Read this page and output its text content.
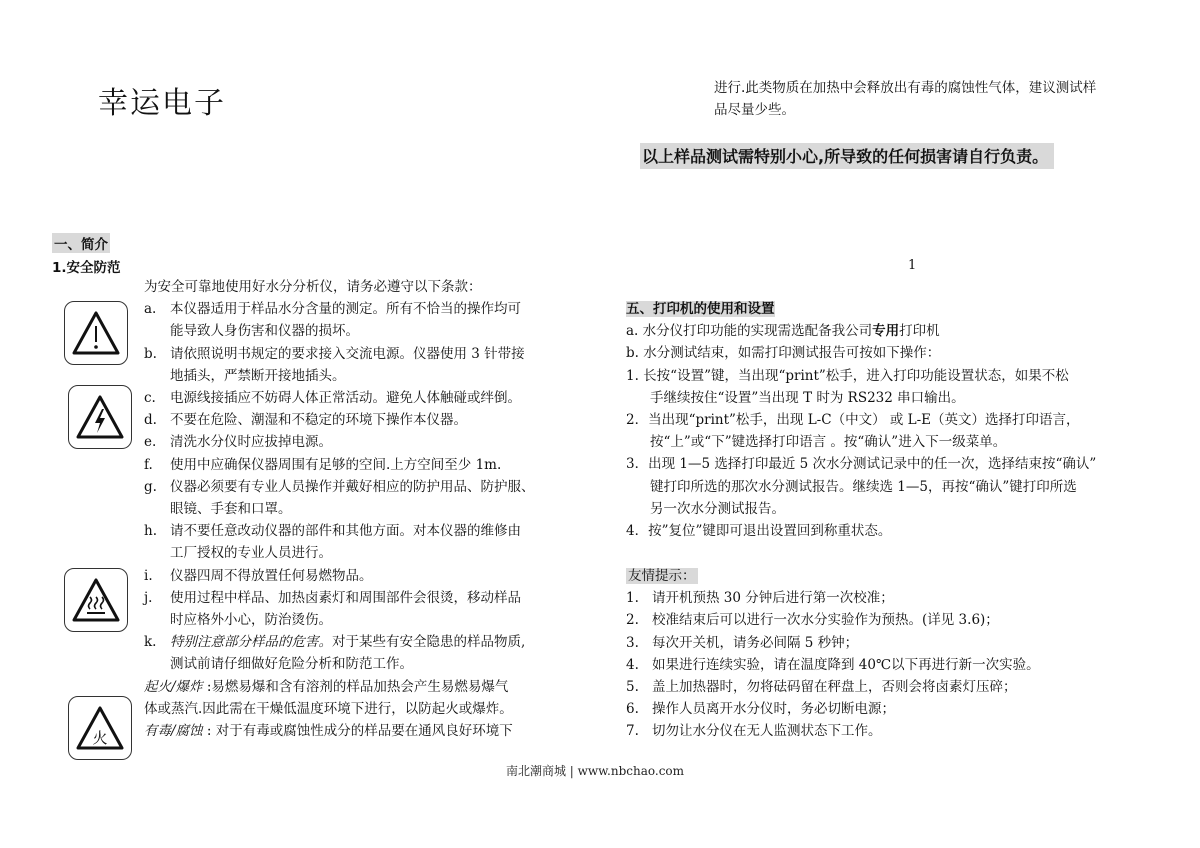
幸运电子	进行.此类物质在加热中会释放出有毒的腐蚀性气体，建议测试样
品尽量少些。
以上样品测试需特别小心,所导致的任何损害请自行负责。
一、简介
1.安全防范
火
为安全可靠地使用好水分分析仪，请务必遵守以下条款：
a. 本仪器适用于样品水分含量的测定。所有不恰当的操作均可
能导致人身伤害和仪器的损坏。
b. 请依照说明书规定的要求接入交流电源。仪器使用 3 针带接
地插头，严禁断开接地插头。
c. 电源线接插应不妨碍人体正常活动。避免人体触碰或绊倒。
d. 不要在危险、潮湿和不稳定的环境下操作本仪器。
e. 清洗水分仪时应拔掉电源。
f. 使用中应确保仪器周围有足够的空间.上方空间至少 1m.
g. 仪器必须要有专业人员操作并戴好相应的防护用品、防护服、
眼镜、手套和口罩。
h. 请不要任意改动仪器的部件和其他方面。对本仪器的维修由
工厂授权的专业人员进行。
i. 仪器四周不得放置任何易燃物品。
j. 使用过程中样品、加热卤素灯和周围部件会很烫，移动样品
时应格外小心，防治烫伤。
k. 特别注意部分样品的危害。对于某些有安全隐患的样品物质,
测试前请仔细做好危险分析和防范工作。
起火/爆炸 :易燃易爆和含有溶剂的样品加热会产生易燃易爆气
体或蒸汽.因此需在干燥低温度环境下进行，以防起火或爆炸。
有毒/腐蚀 : 对于有毒或腐蚀性成分的样品要在通风良好环境下
1
五、打印机的使用和设置
a. 水分仪打印功能的实现需选配备我公司专用打印机
b. 水分测试结束，如需打印测试报告可按如下操作：
1. 长按“设置”键，当出现“print”松手，进入打印功能设置状态，如果不松
手继续按住“设置”当出现 T 时为 RS232 串口输出。
2．当出现“print”松手，出现 L-C（中文） 或 L-E（英文）选择打印语言，
按“上”或“下”键选择打印语言 。按“确认”进入下一级菜单。
3．出现 1—5 选择打印最近 5 次水分测试记录中的任一次，选择结束按“确认”
键打印所选的那次水分测试报告。继续选 1—5，再按“确认”键打印所选
另一次水分测试报告。
4．按”复位”键即可退出设置回到称重状态。
友情提示：
1. 请开机预热 30 分钟后进行第一次校准；
2. 校准结束后可以进行一次水分实验作为预热。(详见 3.6)；
3. 每次开关机，请务必间隔 5 秒钟；
4. 如果进行连续实验，请在温度降到 40℃以下再进行新一次实验。
5. 盖上加热器时，勿将砝码留在秤盘上，否则会将卤素灯压碎；
6. 操作人员离开水分仪时，务必切断电源；
7. 切勿让水分仪在无人监测状态下工作。
南北潮商城 | www.nbchao.com
